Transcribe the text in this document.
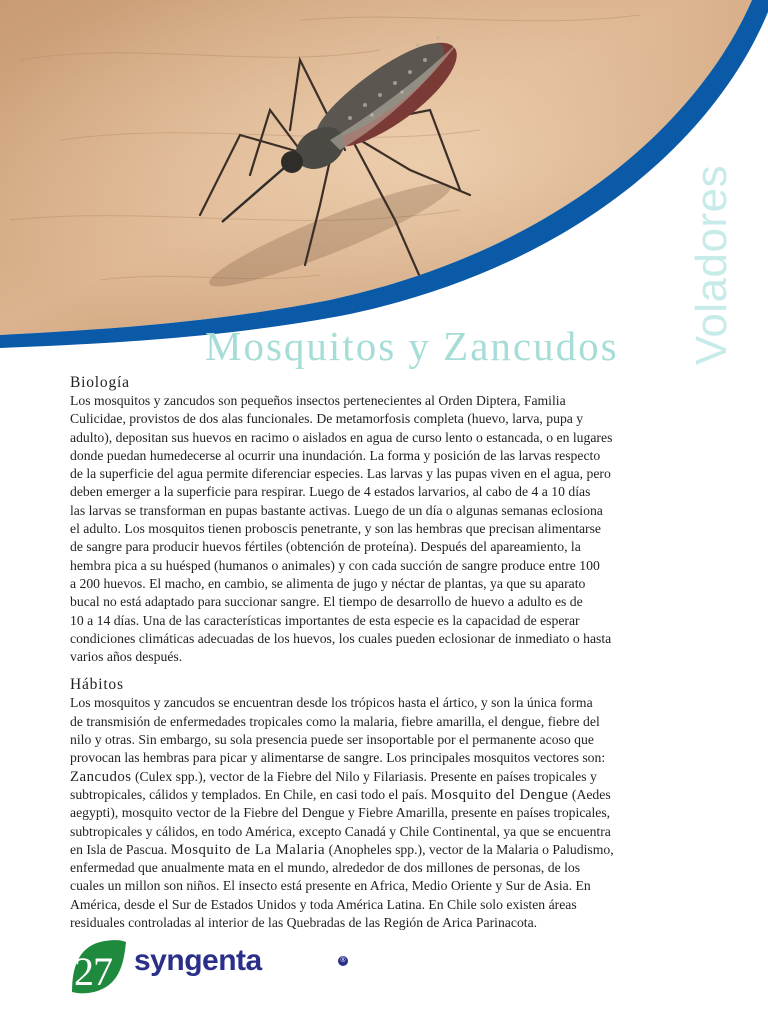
Voladores
Mosquitos y Zancudos

Biología

Los mosquitos y zancudos son pequeños insectos pertenecientes al Orden Diptera, Familia

Culicidae, provistos de dos alas funcionales. De metamorfosis completa (huevo, larva, pupa y

adulto), depositan sus huevos en racimo o aislados en agua de curso lento o estancada, o en lugares

donde puedan humedecerse al ocurrir una inundación. La forma y posición de las larvas respecto

de la superficie del agua permite diferenciar especies. Las larvas y las pupas viven en el agua, pero

deben emerger a la superficie para respirar. Luego de 4 estados larvarios, al cabo de 4 a 10 días

las larvas se transforman en pupas bastante activas. Luego de un día o algunas semanas eclosiona

el adulto. Los mosquitos tienen proboscis penetrante, y son las hembras que precisan alimentarse

de sangre para producir huevos fértiles (obtención de proteína). Después del apareamiento, la

hembra pica a su huésped (humanos o animales) y con cada succión de sangre produce entre 100

a 200 huevos. El macho, en cambio, se alimenta de jugo y néctar de plantas, ya que su aparato

bucal no está adaptado para succionar sangre. El tiempo de desarrollo de huevo a adulto es de

10 a 14 días. Una de las características importantes de esta especie es la capacidad de esperar

condiciones climáticas adecuadas de los huevos, los cuales pueden eclosionar de inmediato o hasta

varios años después.

Hábitos

Los mosquitos y zancudos se encuentran desde los trópicos hasta el ártico, y son la única forma

de transmisión de enfermedades tropicales como la malaria, fiebre amarilla, el dengue, fiebre del

nilo y otras. Sin embargo, su sola presencia puede ser insoportable por el permanente acoso que

provocan las hembras para picar y alimentarse de sangre. Los principales mosquitos vectores son:

Zancudos (Culex spp.), vector de la Fiebre del Nilo y Filariasis. Presente en países tropicales y

subtropicales, cálidos y templados. En Chile, en casi todo el país. Mosquito del Dengue (Aedes

aegypti), mosquito vector de la Fiebre del Dengue y Fiebre Amarilla, presente en países tropicales,

subtropicales y cálidos, en todo América, excepto Canadá y Chile Continental, ya que se encuentra

en Isla de Pascua. Mosquito de La Malaria (Anopheles spp.), vector de la Malaria o Paludismo,

enfermedad que anualmente mata en el mundo, alrededor de dos millones de personas, de los

cuales un millon son niños. El insecto está presente en Africa, Medio Oriente y Sur de Asia. En

América, desde el Sur de Estados Unidos y toda América Latina. En Chile solo existen áreas

residuales controladas al interior de las Quebradas de las Región de Arica Parinacota.

27 syngenta	®
